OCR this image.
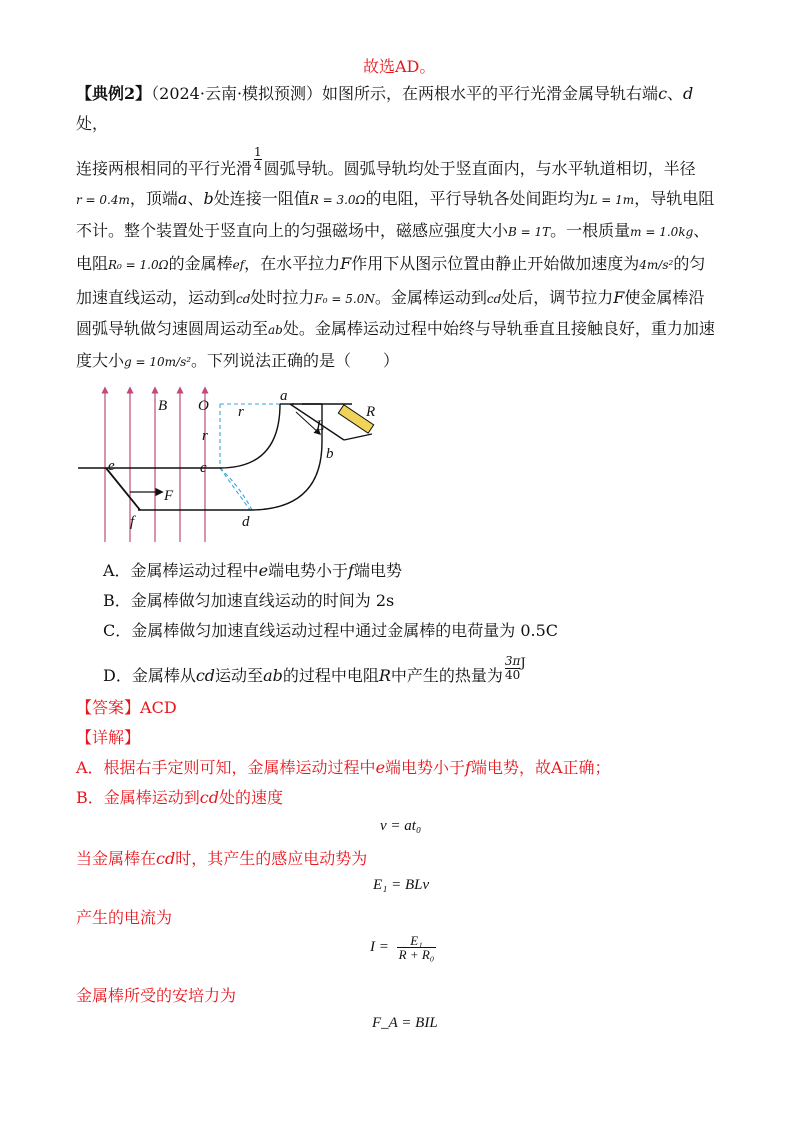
故选AD。
【典例2】（2024·云南·模拟预测）如图所示，在两根水平的平行光滑金属导轨右端c、d
处，
连接两根相同的平行光滑 $\frac{1}{4}$ 圆弧导轨。圆弧导轨均处于竖直面内，与水平轨道相切，半径
r = 0.4m，顶端a、b处连接一阻值R = 3.0Ω的电阻，平行导轨各处间距均为L = 1m，导轨电阻
不计。整个装置处于竖直向上的匀强磁场中，磁感应强度大小B = 1T。一根质量m = 1.0kg、
电阻R₀ = 1.0Ω的金属棒ef，在水平拉力F作用下从图示位置由静止开始做加速度为4m/s²的匀
加速直线运动，运动到cd处时拉力F₀ = 5.0N。金属棒运动到cd处后，调节拉力F使金属棒沿
圆弧导轨做匀速圆周运动至ab处。金属棒运动过程中始终与导轨垂直且接触良好，重力加速
度大小g = 10m/s²。下列说法正确的是（　　）
B O r
a
R
L
r
b
e	c
F
f	d
A．金属棒运动过程中e端电势小于f端电势
B．金属棒做匀加速直线运动的时间为 2s
C．金属棒做匀加速直线运动过程中通过金属棒的电荷量为 0.5C
D．金属棒从cd运动至ab的过程中电阻R中产生的热量为 $\frac{3\pi}{40} ^J$
【答案】ACD
【详解】
A．根据右手定则可知，金属棒运动过程中e端电势小于f端电势，故A正确；
B．金属棒运动到cd处的速度
v = at₀
当金属棒在cd时，其产生的感应电动势为
E₁ = BLv
产生的电流为
$I = \frac{\text{E₁}}{\text{R + R₀}}$
金属棒所受的安培力为
F_A = BIL
